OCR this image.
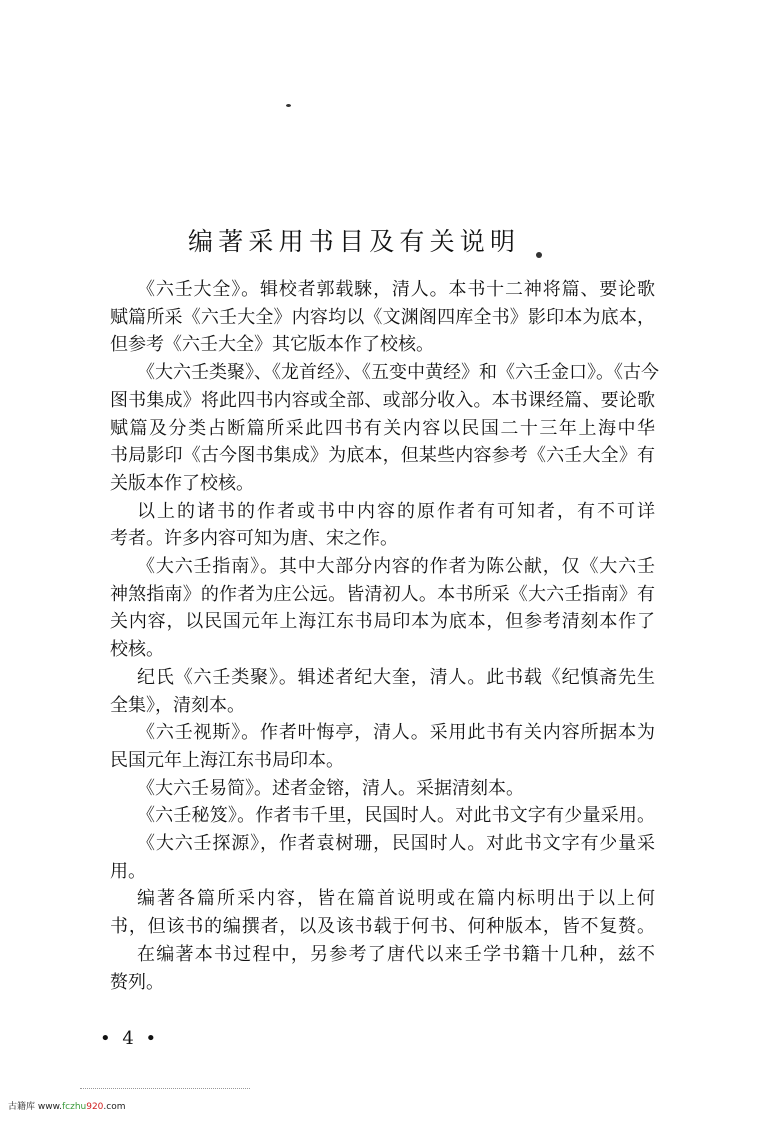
编著采用书目及有关说明
《六壬大全》。辑校者郭载騋，清人。本书十二神将篇、要论歌
赋篇所采《六壬大全》内容均以《文渊阁四库全书》影印本为底本，
但参考《六壬大全》其它版本作了校核。
《大六壬类聚》、《龙首经》、《五变中黄经》和《六壬金口》。《古今
图书集成》将此四书内容或全部、或部分收入。本书课经篇、要论歌
赋篇及分类占断篇所采此四书有关内容以民国二十三年上海中华
书局影印《古今图书集成》为底本，但某些内容参考《六壬大全》有
关版本作了校核。
以上的诸书的作者或书中内容的原作者有可知者，有不可详
考者。许多内容可知为唐、宋之作。
《大六壬指南》。其中大部分内容的作者为陈公献，仅《大六壬
神煞指南》的作者为庄公远。皆清初人。本书所采《大六壬指南》有
关内容，以民国元年上海江东书局印本为底本，但参考清刻本作了
校核。
纪氏《六壬类聚》。辑述者纪大奎，清人。此书载《纪慎斋先生
全集》，清刻本。
《六壬视斯》。作者叶悔亭，清人。采用此书有关内容所据本为
民国元年上海江东书局印本。
《大六壬易简》。述者金镕，清人。采据清刻本。
《六壬秘笈》。作者韦千里，民国时人。对此书文字有少量采用。
《大六壬探源》，作者袁树珊，民国时人。对此书文字有少量采
用。
编著各篇所采内容，皆在篇首说明或在篇内标明出于以上何
书，但该书的编撰者，以及该书载于何书、何种版本，皆不复赘。
在编著本书过程中，另参考了唐代以来壬学书籍十几种，兹不
赘列。
• 4 •
古籍库 www.fczhu920.com
